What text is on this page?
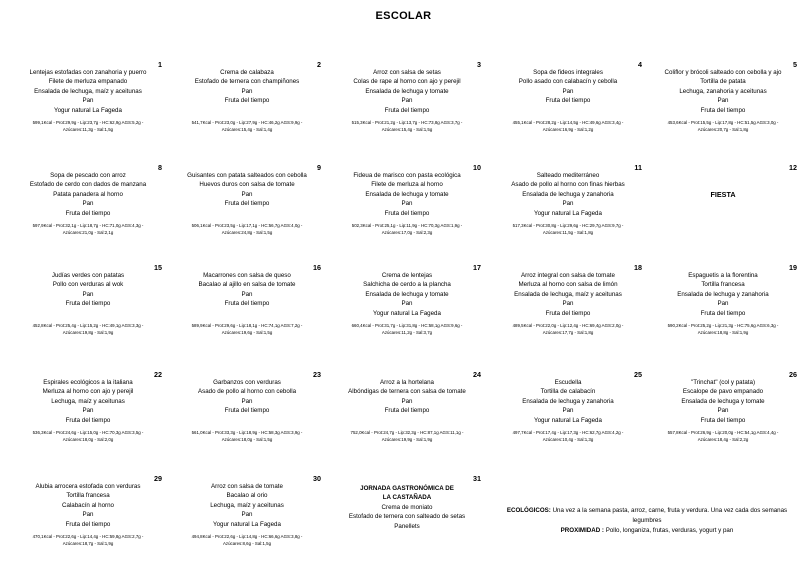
ESCOLAR
1
Lentejas estofadas con zanahoria y puerro
Filete de merluza empanado
Ensalada de lechuga, maíz y aceitunas
Pan
Yogur natural La Fageda
599,1Kcal - Prot:29,9g - Lip:23,7g - HC:62,9g AGS:5,2g -
Azúcares:11,3g - Sal:1,5g
2
Crema de calabaza
Estofado de ternera con champiñones
Pan
Fruta del tiempo
541,7Kcal - Prot:23,0g - Lip:27,9g - HC:46,2g AGS:9,9g -
Azúcares:15,4g - Sal:1,4g
3
Arroz con salsa de setas
Colas de rape al horno con ajo y perejil
Ensalada de lechuga y tomate
Pan
Fruta del tiempo
515,3Kcal - Prot:21,2g - Lip:13,7g - HC:73,8g AGS:3,7g -
Azúcares:15,4g - Sal:1,5g
4
Sopa de fideos integrales
Pollo asado con calabacín y cebolla
Pan
Fruta del tiempo
455,1Kcal - Prot:28,2g - Lip:14,5g - HC:49,6g AGS:3,4g -
Azúcares:16,9g - Sal:1,2g
5
Coliflor y brócoli salteado con cebolla y ajo
Tortilla de patata
Lechuga, zanahoria y aceitunas
Pan
Fruta del tiempo
453,6Kcal - Prot:15,5g - Lip:17,8g - HC:51,5g AGS:3,0g -
Azúcares:20,7g - Sal:1,8g
8
Sopa de pescado con arroz
Estofado de cerdo con dados de manzana
Patata panadera al horno
Pan
Fruta del tiempo
597,9Kcal - Prot:32,1g - Lip:18,7g - HC:71,0g AGS:4,3g -
Azúcares:21,0g - Sal:2,1g
9
Guisantes con patata salteados con cebolla
Huevos duros con salsa de tomate
Pan
Fruta del tiempo
506,1Kcal - Prot:23,5g - Lip:17,1g - HC:56,7g AGS:4,0g -
Azúcares:24,8g - Sal:1,5g
10
Fideua de marisco con pasta ecológica
Filete de merluza al horno
Ensalada de lechuga y tomate
Pan
Fruta del tiempo
502,3Kcal - Prot:25,1g - Lip:11,9g - HC:70,3g AGS:1,9g -
Azúcares:17,0g - Sal:2,3g
11
Salteado mediterráneo
Asado de pollo al horno con finas hierbas
Ensalada de lechuga y zanahoria
Pan
Yogur natural La Fageda
517,3Kcal - Prot:30,8g - Lip:29,6g - HC:29,7g AGS:9,7g -
Azúcares:11,5g - Sal:1,8g
12
FIESTA
15
Judías verdes con patatas
Pollo con verduras al wok
Pan
Fruta del tiempo
452,8Kcal - Prot:25,4g - Lip:15,2g - HC:49,1g AGS:3,3g -
Azúcares:19,8g - Sal:1,9g
16
Macarrones con salsa de queso
Bacalao al ajillo en salsa de tomate
Pan
Fruta del tiempo
589,9Kcal - Prot:29,6g - Lip:18,1g - HC:74,1g AGS:7,2g -
Azúcares:19,6g - Sal:1,5g
17
Crema de lentejas
Salchicha de cerdo a la plancha
Ensalada de lechuga y tomate
Pan
Yogur natural La Fageda
660,4Kcal - Prot:31,7g - Lip:31,8g - HC:58,1g AGS:9,6g -
Azúcares:11,2g - Sal:3,7g
18
Arroz integral con salsa de tomate
Merluza al horno con salsa de limón
Ensalada de lechuga, maíz y aceitunas
Pan
Fruta del tiempo
489,5Kcal - Prot:22,0g - Lip:12,4g - HC:69,4g AGS:2,0g -
Azúcares:17,7g - Sal:1,8g
19
Espaguetis a la florentina
Tortilla francesa
Ensalada de lechuga y zanahoria
Pan
Fruta del tiempo
590,2Kcal - Prot:25,2g - Lip:21,3g - HC:75,6g AGS:6,3g -
Azúcares:18,8g - Sal:1,9g
22
Espirales ecológicos a la italiana
Merluza al horno con ajo y perejil
Lechuga, maíz y aceitunas
Pan
Fruta del tiempo
536,3Kcal - Prot:24,6g - Lip:15,0g - HC:70,3g AGS:3,5g -
Azúcares:18,0g - Sal:2,0g
23
Garbanzos con verduras
Asado de pollo al horno con cebolla
Pan
Fruta del tiempo
561,0Kcal - Prot:33,3g - Lip:18,9g - HC:58,3g AGS:3,9g -
Azúcares:18,0g - Sal:1,5g
24
Arroz a la hortelana
Albóndigas de ternera con salsa de tomate
Pan
Fruta del tiempo
752,0Kcal - Prot:24,7g - Lip:32,3g - HC:87,1g AGS:11,1g -
Azúcares:19,9g - Sal:1,9g
25
Escudella
Tortilla de calabacín
Ensalada de lechuga y zanahoria
Pan
Yogur natural La Fageda
497,7Kcal - Prot:17,4g - Lip:17,3g - HC:62,7g AGS:4,2g -
Azúcares:10,4g - Sal:1,3g
26
"Trinchat" (col y patata)
Escalope de pavo empanado
Ensalada de lechuga y tomate
Pan
Fruta del tiempo
557,8Kcal - Prot:26,9g - Lip:20,0g - HC:54,1g AGS:4,4g -
Azúcares:18,4g - Sal:2,2g
29
Alubia arrocera estofada con verduras
Tortilla francesa
Calabacín al horno
Pan
Fruta del tiempo
470,1Kcal - Prot:22,6g - Lip:14,4g - HC:59,8g AGS:2,7g -
Azúcares:18,7g - Sal:1,9g
30
Arroz con salsa de tomate
Bacalao al orio
Lechuga, maíz y aceitunas
Pan
Yogur natural La Fageda
494,8Kcal - Prot:22,6g - Lip:14,8g - HC:66,6g AGS:3,8g -
Azúcares:8,6g - Sal:1,5g
31
JORNADA GASTRONÓMICA DE
LA CASTAÑADA
Crema de moniato
Estofado de ternera con salteado de setas
Panellets
ECOLÓGICOS: Una vez a la semana pasta, arroz, carne, fruta y verdura. Una vez cada dos semanas
legumbres
PROXIMIDAD : Pollo, longaniza, frutas, verduras, yogurt y pan
